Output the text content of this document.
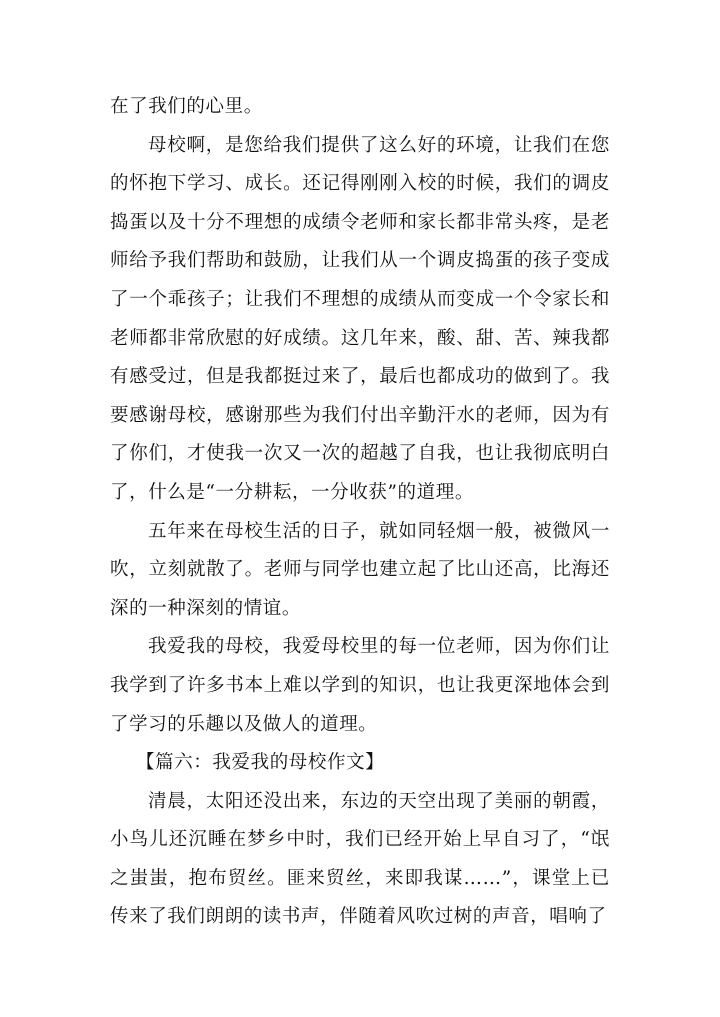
在了我们的心里。

母校啊，是您给我们提供了这么好的环境，让我们在您的怀抱下学习、成长。还记得刚刚入校的时候，我们的调皮捣蛋以及十分不理想的成绩令老师和家长都非常头疼，是老师给予我们帮助和鼓励，让我们从一个调皮捣蛋的孩子变成了一个乖孩子；让我们不理想的成绩从而变成一个令家长和老师都非常欣慰的好成绩。这几年来，酸、甜、苦、辣我都有感受过，但是我都挺过来了，最后也都成功的做到了。我要感谢母校，感谢那些为我们付出辛勤汗水的老师，因为有了你们，才使我一次又一次的超越了自我，也让我彻底明白了，什么是“一分耕耘，一分收获”的道理。

五年来在母校生活的日子，就如同轻烟一般，被微风一吹，立刻就散了。老师与同学也建立起了比山还高，比海还深的一种深刻的情谊。

我爱我的母校，我爱母校里的每一位老师，因为你们让我学到了许多书本上难以学到的知识，也让我更深地体会到了学习的乐趣以及做人的道理。

【篇六：我爱我的母校作文】

清晨，太阳还没出来，东边的天空出现了美丽的朝霞，小鸟儿还沉睡在梦乡中时，我们已经开始上早自习了，“氓之蚩蚩，抱布贸丝。匪来贸丝，来即我谋……”，课堂上已传来了我们朗朗的读书声，伴随着风吹过树的声音，唱响了
